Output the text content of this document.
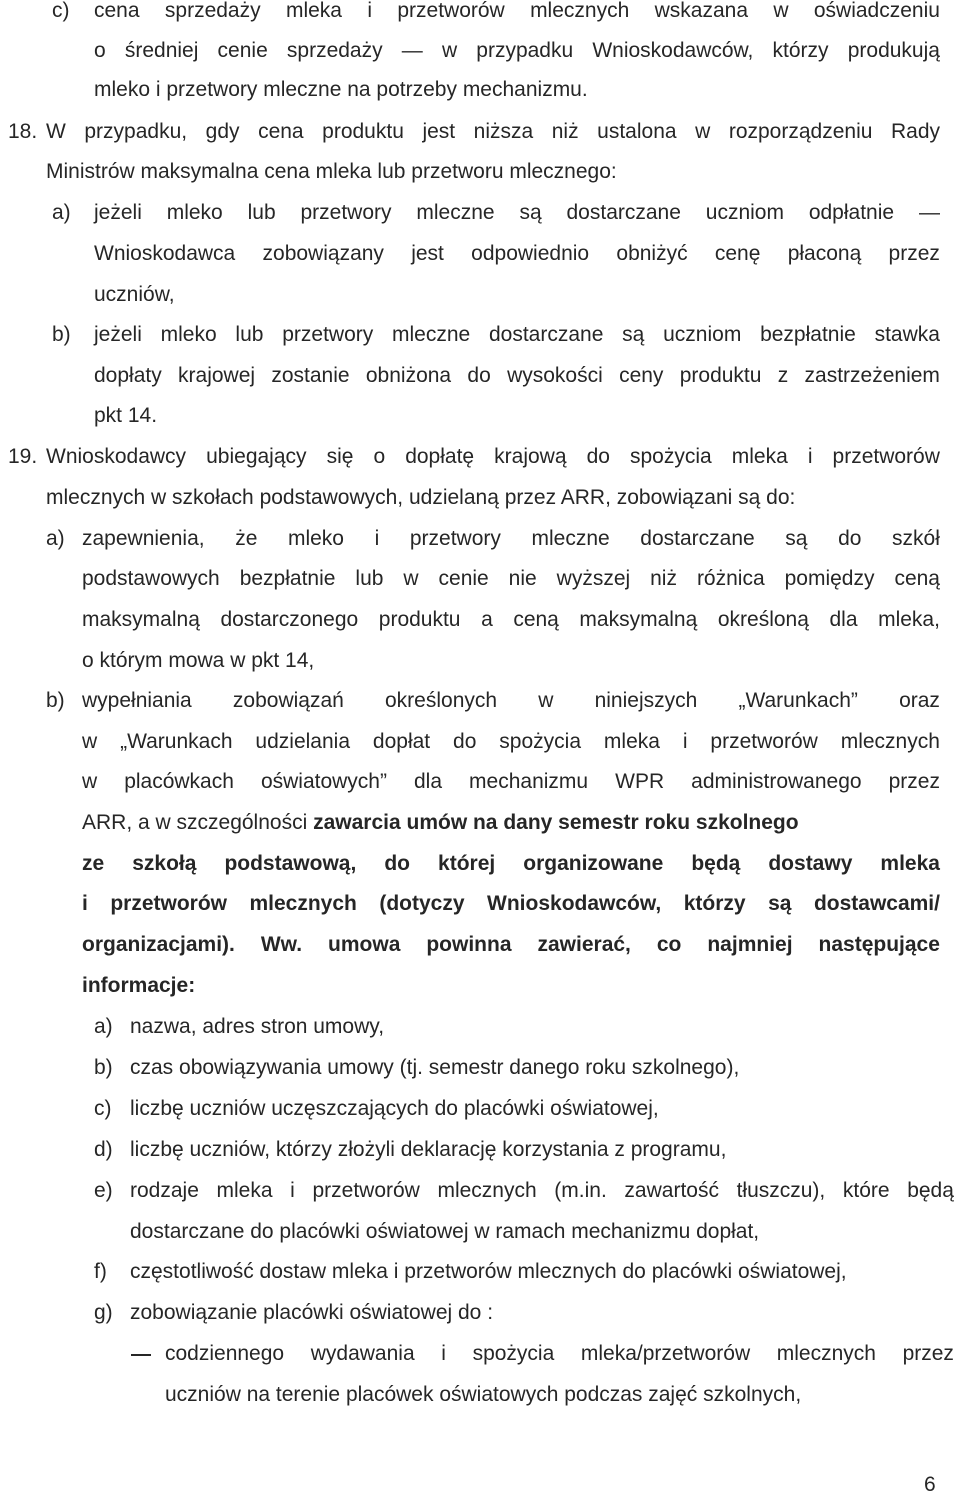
c) cena sprzedaży mleka i przetworów mlecznych wskazana w oświadczeniu
o średniej cenie sprzedaży — w przypadku Wnioskodawców, którzy produkują
mleko i przetwory mleczne na potrzeby mechanizmu.
18. W przypadku, gdy cena produktu jest niższa niż ustalona w rozporządzeniu Rady
Ministrów maksymalna cena mleka lub przetworu mlecznego:
a) jeżeli mleko lub przetwory mleczne są dostarczane uczniom odpłatnie —
Wnioskodawca zobowiązany jest odpowiednio obniżyć cenę płaconą przez
uczniów,
b) jeżeli mleko lub przetwory mleczne dostarczane są uczniom bezpłatnie stawka
dopłaty krajowej zostanie obniżona do wysokości ceny produktu z zastrzeżeniem
pkt 14.
19. Wnioskodawcy ubiegający się o dopłatę krajową do spożycia mleka i przetworów
mlecznych w szkołach podstawowych, udzielaną przez ARR, zobowiązani są do:
a) zapewnienia, że mleko i przetwory mleczne dostarczane są do szkół
podstawowych bezpłatnie lub w cenie nie wyższej niż różnica pomiędzy ceną
maksymalną dostarczonego produktu a ceną maksymalną określoną dla mleka,
o którym mowa w pkt 14,
b) wypełniania zobowiązań określonych w niniejszych „Warunkach” oraz
w „Warunkach udzielania dopłat do spożycia mleka i przetworów mlecznych
w placówkach oświatowych” dla mechanizmu WPR administrowanego przez
ARR, a w szczególności zawarcia umów na dany semestr roku szkolnego
ze szkołą podstawową, do której organizowane będą dostawy mleka
i przetworów mlecznych (dotyczy Wnioskodawców, którzy są dostawcami/
organizacjami). Ww. umowa powinna zawierać, co najmniej następujące
informacje:
a) nazwa, adres stron umowy,
b) czas obowiązywania umowy (tj. semestr danego roku szkolnego),
c) liczbę uczniów uczęszczających do placówki oświatowej,
d) liczbę uczniów, którzy złożyli deklarację korzystania z programu,
e) rodzaje mleka i przetworów mlecznych (m.in. zawartość tłuszczu), które będą
dostarczane do placówki oświatowej w ramach mechanizmu dopłat,
f) częstotliwość dostaw mleka i przetworów mlecznych do placówki oświatowej,
g) zobowiązanie placówki oświatowej do :
codziennego wydawania i spożycia mleka/przetworów mlecznych przez
uczniów na terenie placówek oświatowych podczas zajęć szkolnych,
6
